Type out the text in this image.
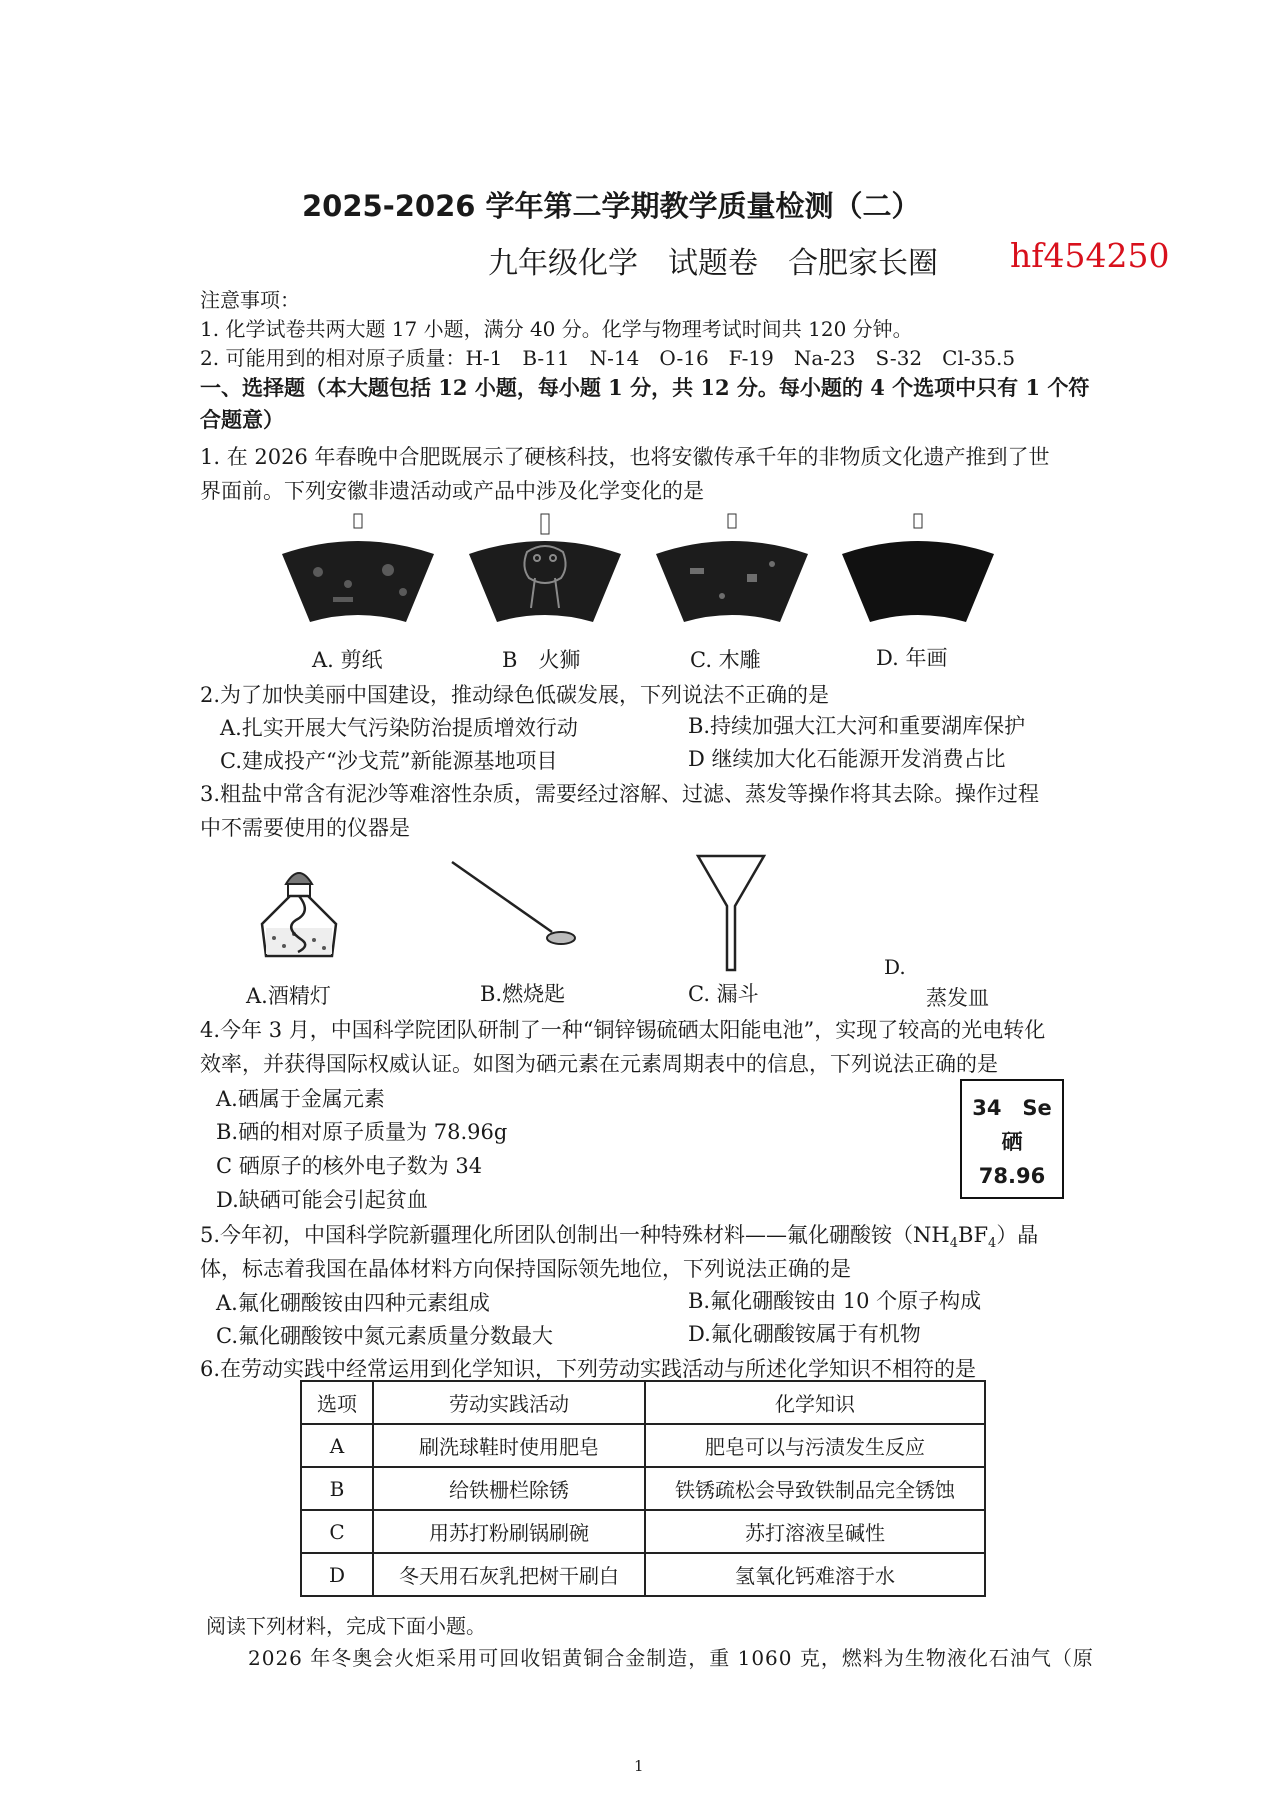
2025-2026 学年第二学期教学质量检测（二）
九年级化学　试题卷　合肥家长圈 hf454250
注意事项：
1. 化学试卷共两大题 17 小题，满分 40 分。化学与物理考试时间共 120 分钟。
2. 可能用到的相对原子质量：H-1　B-11　N-14　O-16　F-19　Na-23　S-32　Cl-35.5
一、选择题（本大题包括 12 小题，每小题 1 分，共 12 分。每小题的 4 个选项中只有 1 个符
合题意）
1. 在 2026 年春晚中合肥既展示了硬核科技，也将安徽传承千年的非物质文化遗产推到了世
界面前。下列安徽非遗活动或产品中涉及化学变化的是
A. 剪纸	B　火狮	C. 木雕	D. 年画
2.为了加快美丽中国建设，推动绿色低碳发展，下列说法不正确的是
A.扎实开展大气污染防治提质增效行动	B.持续加强大江大河和重要湖库保护
C.建成投产“沙戈荒”新能源基地项目	D 继续加大化石能源开发消费占比
3.粗盐中常含有泥沙等难溶性杂质，需要经过溶解、过滤、蒸发等操作将其去除。操作过程
中不需要使用的仪器是
A.酒精灯	B.燃烧匙	C. 漏斗
D.
蒸发皿
4.今年 3 月，中国科学院团队研制了一种“铜锌锡硫硒太阳能电池”，实现了较高的光电转化
效率，并获得国际权威认证。如图为硒元素在元素周期表中的信息，下列说法正确的是
A.硒属于金属元素
B.硒的相对原子质量为 78.96g
C 硒原子的核外电子数为 34
D.缺硒可能会引起贫血
34　Se
硒
78.96
5.今年初，中国科学院新疆理化所团队创制出一种特殊材料——氟化硼酸铵$(NH_4BF_4)$晶
体，标志着我国在晶体材料方向保持国际领先地位，下列说法正确的是
A.氟化硼酸铵由四种元素组成	B.氟化硼酸铵由 10 个原子构成
C.氟化硼酸铵中氮元素质量分数最大	D.氟化硼酸铵属于有机物
6.在劳动实践中经常运用到化学知识，下列劳动实践活动与所述化学知识不相符的是
选项	劳动实践活动	化学知识
A	刷洗球鞋时使用肥皂	肥皂可以与污渍发生反应
B	给铁栅栏除锈	铁锈疏松会导致铁制品完全锈蚀
C	用苏打粉刷锅刷碗	苏打溶液呈碱性
D	冬天用石灰乳把树干刷白	氢氧化钙难溶于水
阅读下列材料，完成下面小题。
2026 年冬奥会火炬采用可回收铝黄铜合金制造，重 1060 克，燃料为生物液化石油气（原
1
